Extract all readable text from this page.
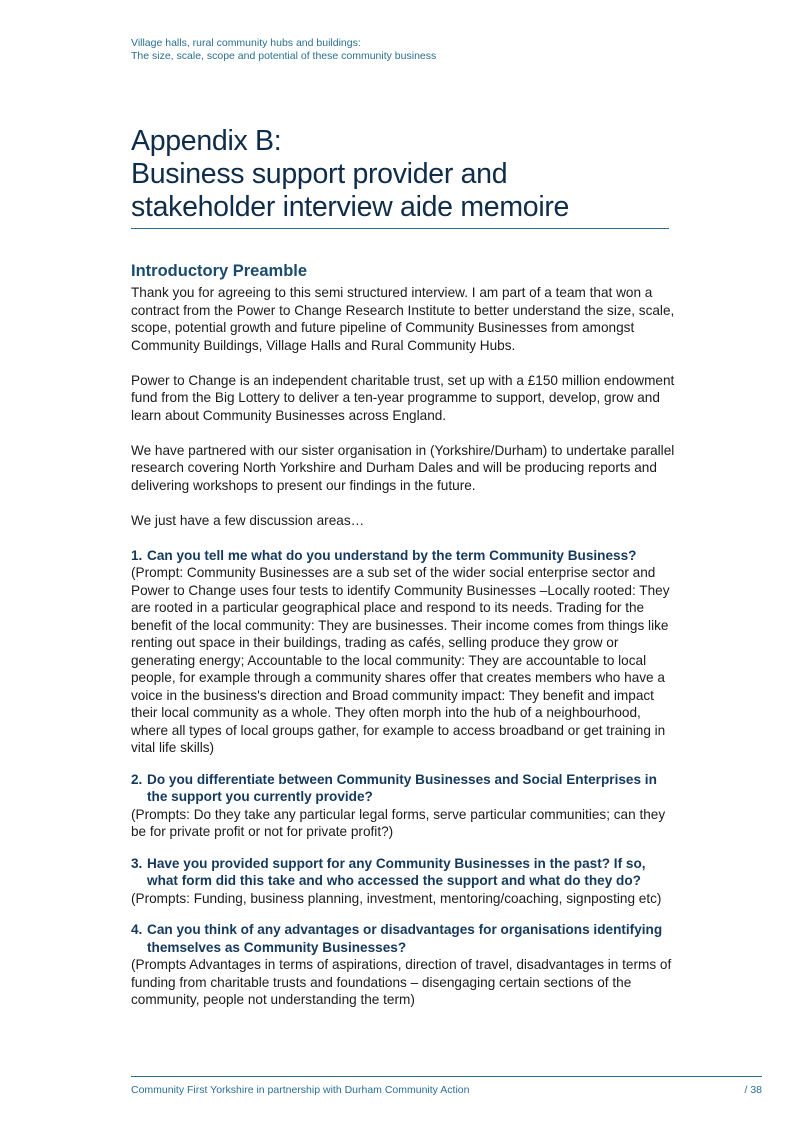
Village halls, rural community hubs and buildings:
The size, scale, scope and potential of these community business
Appendix B:
Business support provider and
stakeholder interview aide memoire
Introductory Preamble

Thank you for agreeing to this semi structured interview. I am part of a team that won a contract from the Power to Change Research Institute to better understand the size, scale, scope, potential growth and future pipeline of Community Businesses from amongst Community Buildings, Village Halls and Rural Community Hubs.

Power to Change is an independent charitable trust, set up with a £150 million endowment fund from the Big Lottery to deliver a ten-year programme to support, develop, grow and learn about Community Businesses across England.

We have partnered with our sister organisation in (Yorkshire/Durham) to undertake parallel research covering North Yorkshire and Durham Dales and will be producing reports and delivering workshops to present our findings in the future.

We just have a few discussion areas…

1. Can you tell me what do you understand by the term Community Business?

(Prompt: Community Businesses are a sub set of the wider social enterprise sector and Power to Change uses four tests to identify Community Businesses –Locally rooted: They are rooted in a particular geographical place and respond to its needs. Trading for the benefit of the local community: They are businesses. Their income comes from things like renting out space in their buildings, trading as cafés, selling produce they grow or generating energy; Accountable to the local community: They are accountable to local people, for example through a community shares offer that creates members who have a voice in the business's direction and Broad community impact: They benefit and impact their local community as a whole. They often morph into the hub of a neighbourhood, where all types of local groups gather, for example to access broadband or get training in vital life skills)

2. Do you differentiate between Community Businesses and Social Enterprises in the support you currently provide?

(Prompts: Do they take any particular legal forms, serve particular communities; can they be for private profit or not for private profit?)

3. Have you provided support for any Community Businesses in the past? If so, what form did this take and who accessed the support and what do they do?

(Prompts: Funding, business planning, investment, mentoring/coaching, signposting etc)

4. Can you think of any advantages or disadvantages for organisations identifying themselves as Community Businesses?

(Prompts Advantages in terms of aspirations, direction of travel, disadvantages in terms of funding from charitable trusts and foundations – disengaging certain sections of the community, people not understanding the term)

Community First Yorkshire in partnership with Durham Community Action	/ 38
